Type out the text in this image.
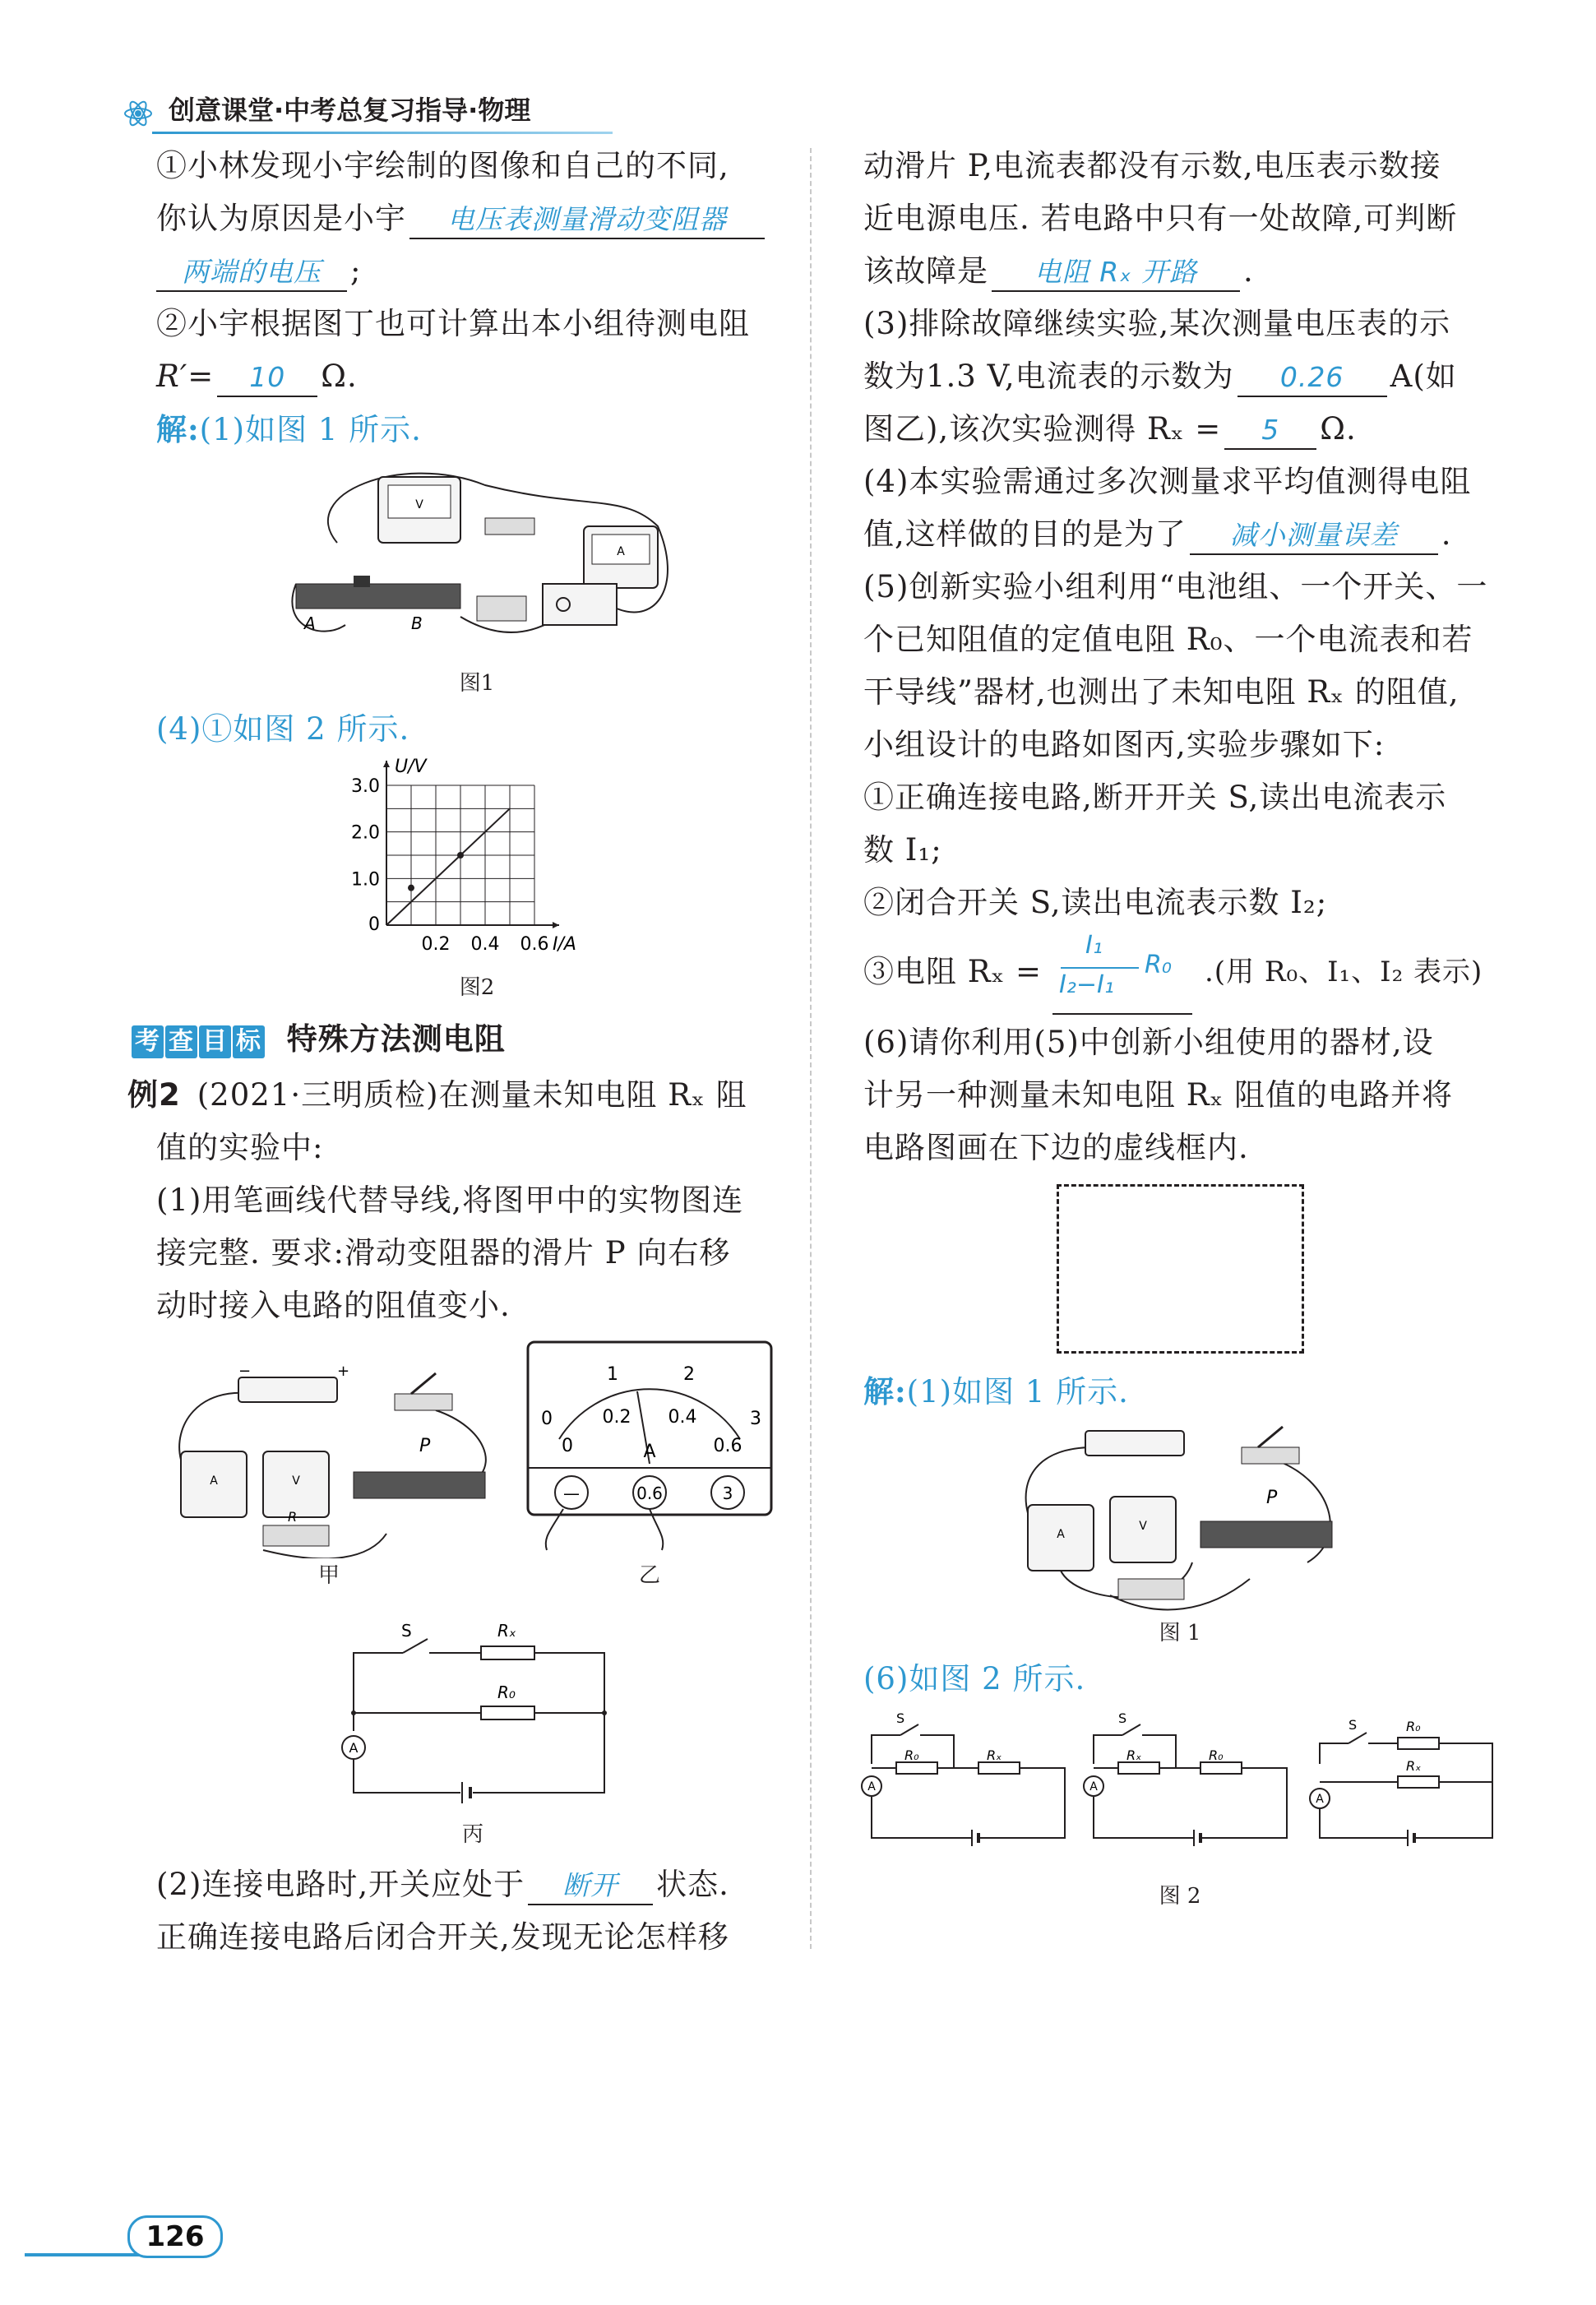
创意课堂·中考总复习指导·物理
①小林发现小宇绘制的图像和自己的不同,
你认为原因是小宇 电压表测量滑动变阻器
两端的电压 ;
②小宇根据图丁也可计算出本小组待测电阻
R′= 10 Ω.
解:(1)如图 1 所示.
V
A
A	B
图1
(4)①如图 2 所示.
0
1.0
2.0
3.0
0.2 0.4 0.6 I/A
U/V
图2
考 查 目 标 特殊方法测电阻
例2 (2021·三明质检)在测量未知电阻 Rₓ 阻
值的实验中:
(1)用笔画线代替导线,将图甲中的实物图连
接完整. 要求:滑动变阻器的滑片 P 向右移
动时接入电路的阻值变小.
−	+
A	V
P
R
甲
1	2
0	3
0
0.2 0.4
0.6
A
—	0.6	3
乙
A
S	Rₓ
R₀
丙
(2)连接电路时,开关应处于 断开 状态.
正确连接电路后闭合开关,发现无论怎样移
动滑片 P,电流表都没有示数,电压表示数接
近电源电压. 若电路中只有一处故障,可判断
该故障是 电阻 Rₓ 开路 .
(3)排除故障继续实验,某次测量电压表的示
数为1.3 V,电流表的示数为 0.26 A(如
图乙),该次实验测得 Rₓ = 5 Ω.
(4)本实验需通过多次测量求平均值测得电阻
值,这样做的目的是为了 减小测量误差 .
(5)创新实验小组利用“电池组、一个开关、一
个已知阻值的定值电阻 R₀、一个电流表和若
干导线”器材,也测出了未知电阻 Rₓ 的阻值,
小组设计的电路如图丙,实验步骤如下:
①正确连接电路,断开开关 S,读出电流表示
数 I₁;
②闭合开关 S,读出电流表示数 I₂;
③电阻 Rₓ =
I₁
I₂−I₁
R₀ .(用 R₀、I₁、I₂ 表示)
(6)请你利用(5)中创新小组使用的器材,设
计另一种测量未知电阻 Rₓ 阻值的电路并将
电路图画在下边的虚线框内.
解:(1)如图 1 所示.
A
V
P
图 1
(6)如图 2 所示.
A
S
R₀	Rₓ
A
S
Rₓ	R₀
A
S	R₀
Rₓ
图 2
126
